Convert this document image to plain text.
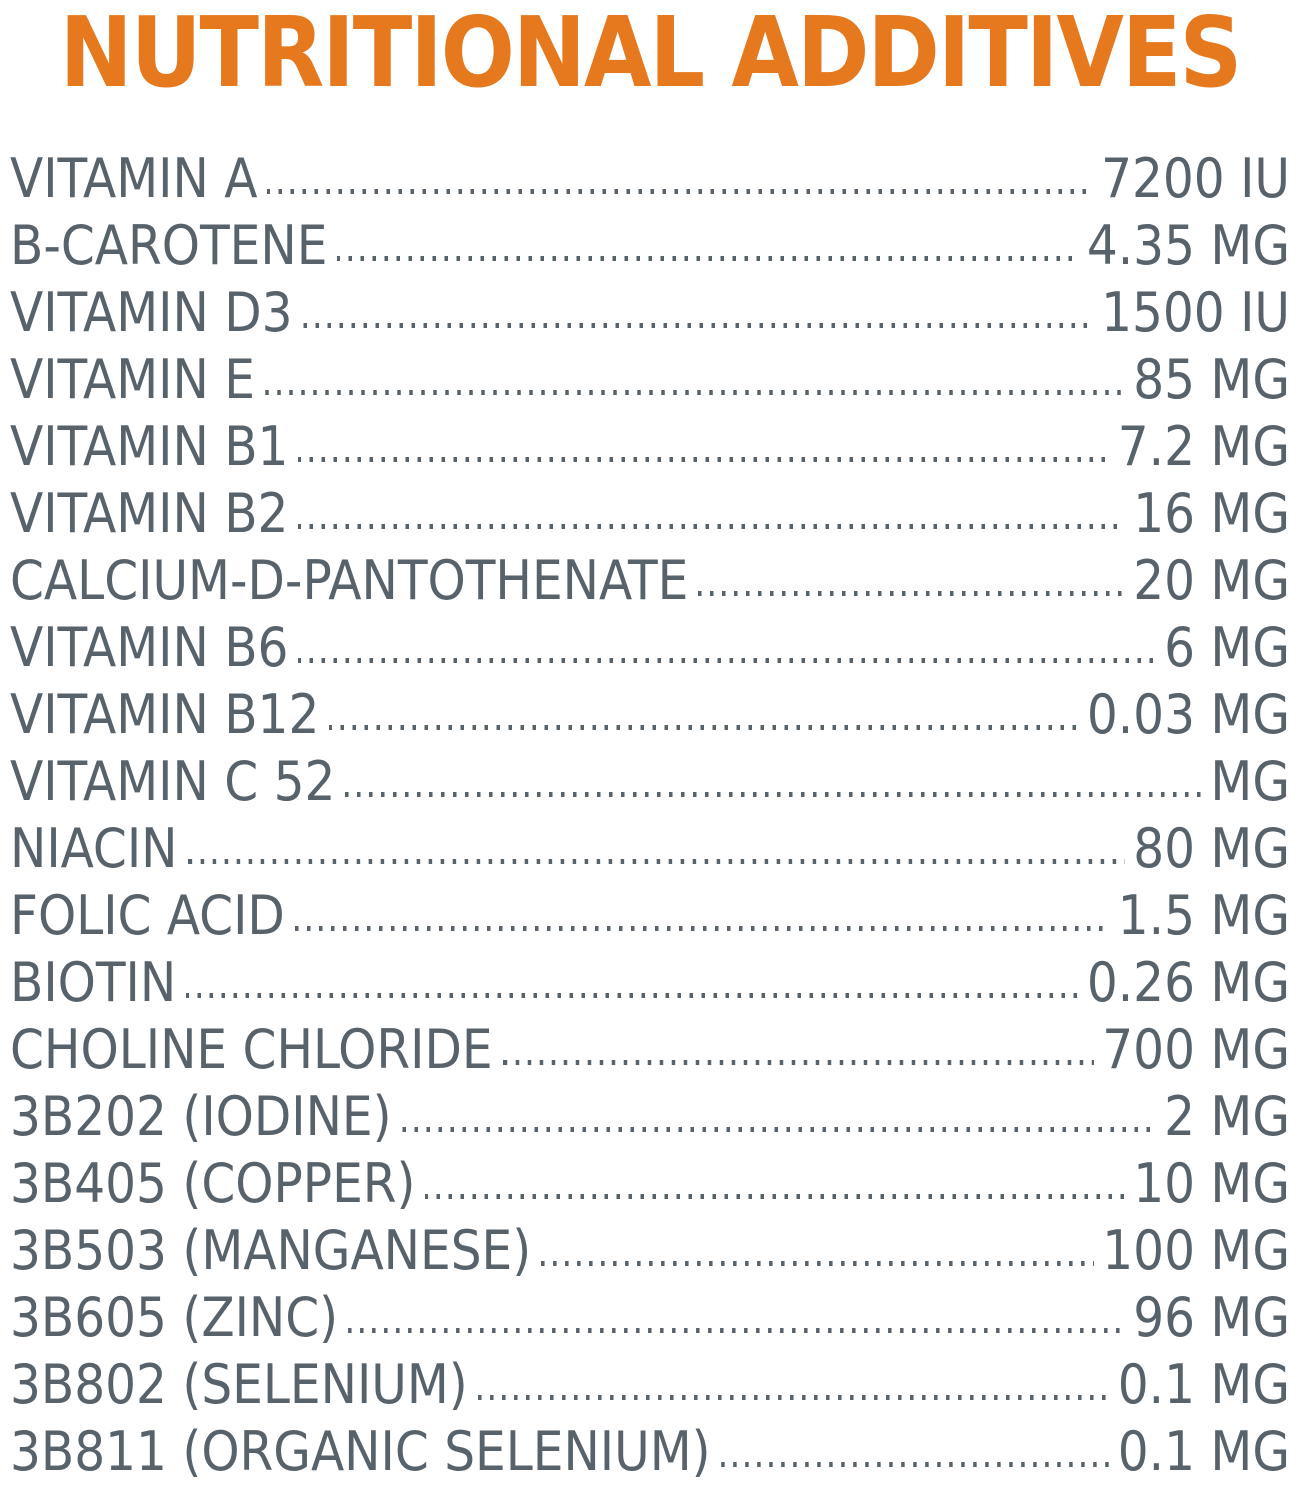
NUTRITIONAL ADDITIVES
VITAMIN A	7200 IU
B-CAROTENE	4.35 MG
VITAMIN D3	1500 IU
VITAMIN E	85 MG
VITAMIN B1	7.2 MG
VITAMIN B2	16 MG
CALCIUM-D-PANTOTHENATE	20 MG
VITAMIN B6	6 MG
VITAMIN B12	0.03 MG
VITAMIN C 52	MG
NIACIN	80 MG
FOLIC ACID	1.5 MG
BIOTIN	0.26 MG
CHOLINE CHLORIDE	700 MG
3B202 (IODINE)	2 MG
3B405 (COPPER)	10 MG
3B503 (MANGANESE)	100 MG
3B605 (ZINC)	96 MG
3B802 (SELENIUM)	0.1 MG
3B811 (ORGANIC SELENIUM)	0.1 MG
